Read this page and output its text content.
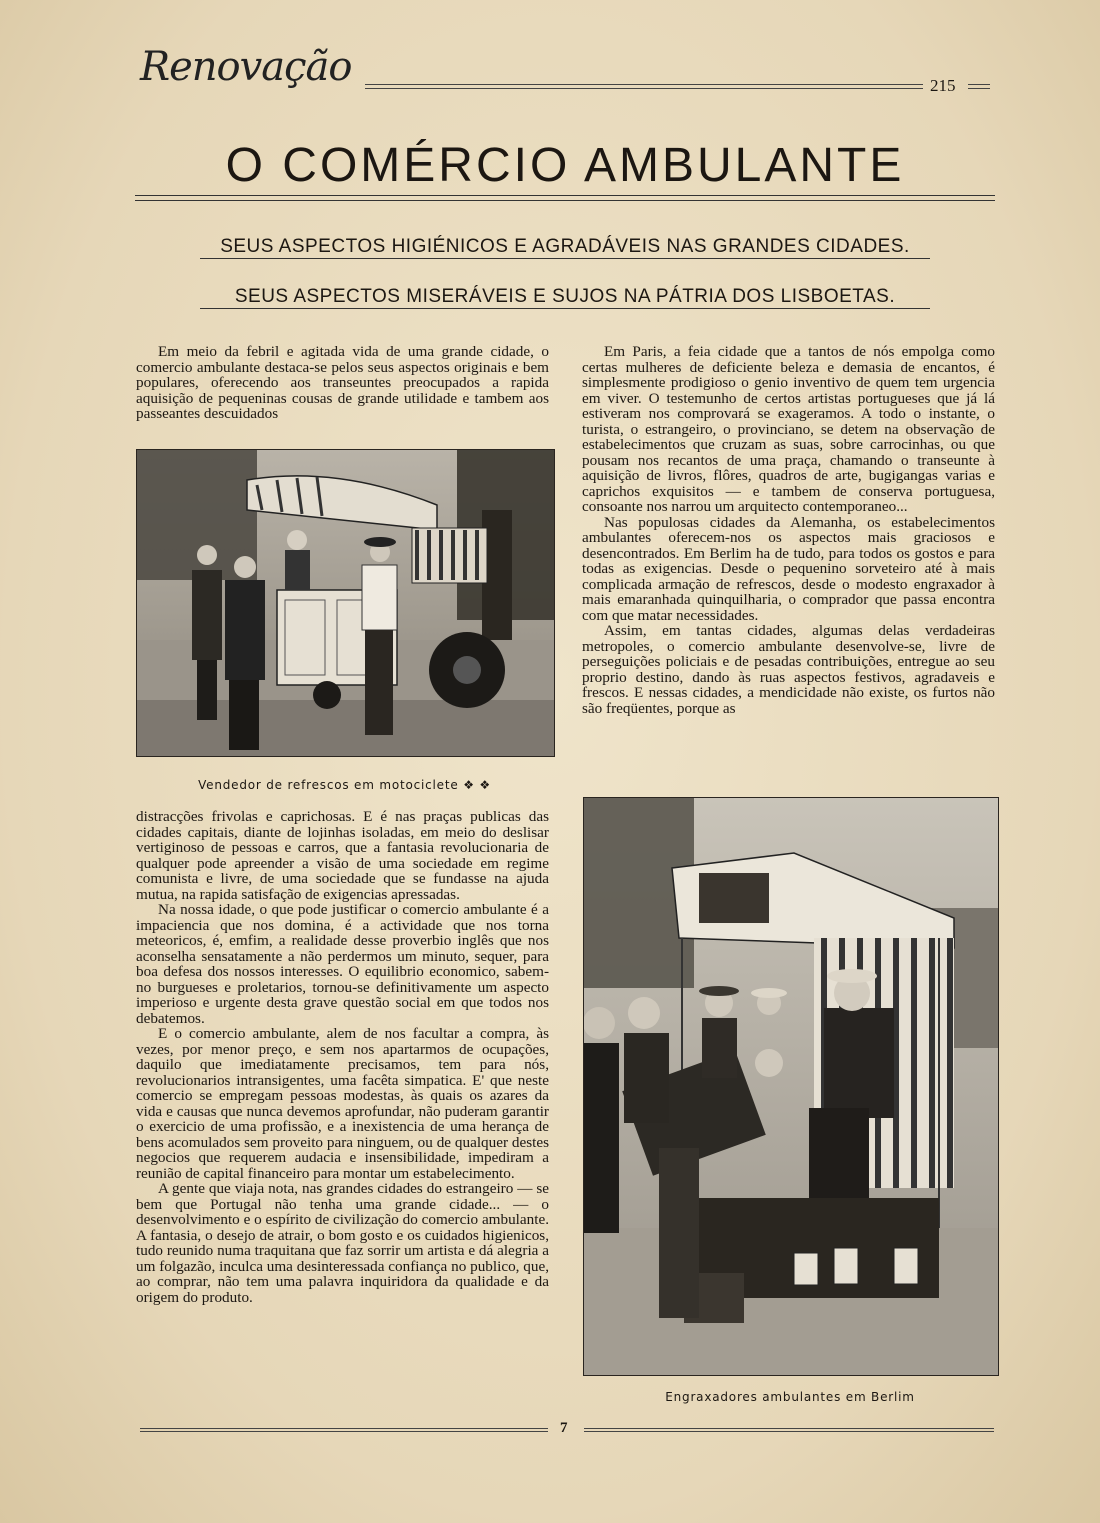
Renovação	215
O COMÉRCIO AMBULANTE

SEUS ASPECTOS HIGIÉNICOS E AGRADÁVEIS NAS GRANDES CIDADES.

SEUS ASPECTOS MISERÁVEIS E SUJOS NA PÁTRIA DOS LISBOETAS.

Em meio da febril e agitada vida de uma grande cidade, o comercio ambulante destaca-se pelos seus aspectos originais e bem populares, oferecendo aos transeuntes preocupados a rapida aquisição de pequeninas cousas de grande utilidade e tambem aos passeantes descuidados

Vendedor de refrescos em motociclete ❖ ❖

distracções frivolas e caprichosas. E é nas praças publicas das cidades capitais, diante de lojinhas isoladas, em meio do deslisar vertiginoso de pessoas e carros, que a fantasia revolucionaria de qualquer pode apreender a visão de uma sociedade em regime comunista e livre, de uma sociedade que se fundasse na ajuda mutua, na rapida satisfação de exigencias apressadas.

Na nossa idade, o que pode justificar o comercio ambulante é a impaciencia que nos domina, é a actividade que nos torna meteoricos, é, emfim, a realidade desse proverbio inglês que nos aconselha sensatamente a não perdermos um minuto, sequer, para boa defesa dos nossos interesses. O equilibrio economico, sabem-no burgueses e proletarios, tornou-se definitivamente um aspecto imperioso e urgente desta grave questão social em que todos nos debatemos.

E o comercio ambulante, alem de nos facultar a compra, às vezes, por menor preço, e sem nos apartarmos de ocupações, daquilo que imediatamente precisamos, tem para nós, revolucionarios intransigentes, uma facêta simpatica. E' que neste comercio se empregam pessoas modestas, às quais os azares da vida e causas que nunca devemos aprofundar, não puderam garantir o exercicio de uma profissão, e a inexistencia de uma herança de bens acomulados sem proveito para ninguem, ou de qualquer destes negocios que requerem audacia e insensibilidade, impediram a reunião de capital financeiro para montar um estabelecimento.

A gente que viaja nota, nas grandes cidades do estrangeiro — se bem que Portugal não tenha uma grande cidade... — o desenvolvimento e o espírito de civilização do comercio ambulante. A fantasia, o desejo de atrair, o bom gosto e os cuidados higienicos, tudo reunido numa traquitana que faz sorrir um artista e dá alegria a um folgazão, inculca uma desinteressada confiança no publico, que, ao comprar, não tem uma palavra inquiridora da qualidade e da origem do produto.

Em Paris, a feia cidade que a tantos de nós empolga como certas mulheres de deficiente beleza e demasia de encantos, é simplesmente prodigioso o genio inventivo de quem tem urgencia em viver. O testemunho de certos artistas portugueses que já lá estiveram nos comprovará se exageramos. A todo o instante, o turista, o estrangeiro, o provinciano, se detem na observação de estabelecimentos que cruzam as suas, sobre carrocinhas, ou que pousam nos recantos de uma praça, chamando o transeunte à aquisição de livros, flôres, quadros de arte, bugigangas varias e caprichos exquisitos — e tambem de conserva portuguesa, consoante nos narrou um arquitecto contemporaneo...

Nas populosas cidades da Alemanha, os estabelecimentos ambulantes oferecem-nos os aspectos mais graciosos e desencontrados. Em Berlim ha de tudo, para todos os gostos e para todas as exigencias. Desde o pequenino sorveteiro até à mais complicada armação de refrescos, desde o modesto engraxador à mais emaranhada quinquilharia, o comprador que passa encontra com que matar necessidades.

Assim, em tantas cidades, algumas delas verdadeiras metropoles, o comercio ambulante desenvolve-se, livre de perseguições policiais e de pesadas contribuições, entregue ao seu proprio destino, dando às ruas aspectos festivos, agradaveis e frescos. E nessas cidades, a mendicidade não existe, os furtos não são freqüentes, porque as

Engraxadores ambulantes em Berlim
7
